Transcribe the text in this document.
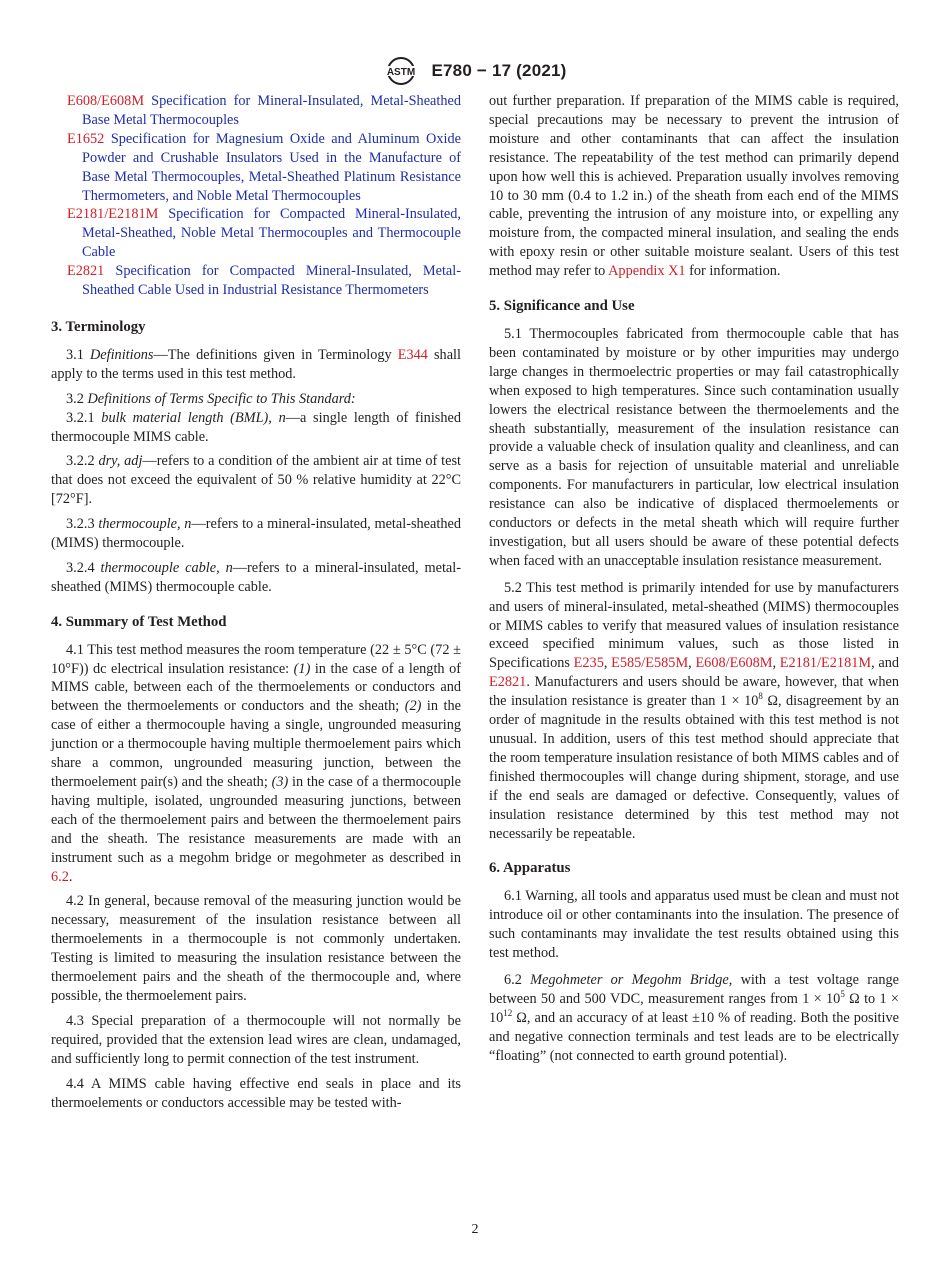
ASTM E780 − 17 (2021)
E608/E608M Specification for Mineral-Insulated, Metal-Sheathed Base Metal Thermocouples
E1652 Specification for Magnesium Oxide and Aluminum Oxide Powder and Crushable Insulators Used in the Manufacture of Base Metal Thermocouples, Metal-Sheathed Platinum Resistance Thermometers, and Noble Metal Thermocouples
E2181/E2181M Specification for Compacted Mineral-Insulated, Metal-Sheathed, Noble Metal Thermocouples and Thermocouple Cable
E2821 Specification for Compacted Mineral-Insulated, Metal-Sheathed Cable Used in Industrial Resistance Thermometers
3. Terminology
3.1 Definitions—The definitions given in Terminology E344 shall apply to the terms used in this test method.
3.2 Definitions of Terms Specific to This Standard:
3.2.1 bulk material length (BML), n—a single length of finished thermocouple MIMS cable.
3.2.2 dry, adj—refers to a condition of the ambient air at time of test that does not exceed the equivalent of 50 % relative humidity at 22°C [72°F].
3.2.3 thermocouple, n—refers to a mineral-insulated, metal-sheathed (MIMS) thermocouple.
3.2.4 thermocouple cable, n—refers to a mineral-insulated, metal-sheathed (MIMS) thermocouple cable.
4. Summary of Test Method
4.1 This test method measures the room temperature (22 ± 5°C (72 ± 10°F)) dc electrical insulation resistance: (1) in the case of a length of MIMS cable, between each of the thermoelements or conductors and between the thermoelements or conductors and the sheath; (2) in the case of either a thermocouple having a single, ungrounded measuring junction or a thermocouple having multiple thermoelement pairs which share a common, ungrounded measuring junction, between the thermoelement pair(s) and the sheath; (3) in the case of a thermocouple having multiple, isolated, ungrounded measuring junctions, between each of the thermoelement pairs and between the thermoelement pairs and the sheath. The resistance measurements are made with an instrument such as a megohm bridge or megohmeter as described in 6.2.
4.2 In general, because removal of the measuring junction would be necessary, measurement of the insulation resistance between all thermoelements in a thermocouple is not commonly undertaken. Testing is limited to measuring the insulation resistance between the thermoelement pairs and the sheath of the thermocouple and, where possible, the thermoelement pairs.
4.3 Special preparation of a thermocouple will not normally be required, provided that the extension lead wires are clean, undamaged, and sufficiently long to permit connection of the test instrument.
4.4 A MIMS cable having effective end seals in place and its thermoelements or conductors accessible may be tested with-
out further preparation. If preparation of the MIMS cable is required, special precautions may be necessary to prevent the intrusion of moisture and other contaminants that can affect the insulation resistance. The repeatability of the test method can primarily depend upon how well this is achieved. Preparation usually involves removing 10 to 30 mm (0.4 to 1.2 in.) of the sheath from each end of the MIMS cable, preventing the intrusion of any moisture into, or expelling any moisture from, the compacted mineral insulation, and sealing the ends with epoxy resin or other suitable moisture sealant. Users of this test method may refer to Appendix X1 for information.
5. Significance and Use
5.1 Thermocouples fabricated from thermocouple cable that has been contaminated by moisture or by other impurities may undergo large changes in thermoelectric properties or may fail catastrophically when exposed to high temperatures. Since such contamination usually lowers the electrical resistance between the thermoelements and the sheath substantially, measurement of the insulation resistance can provide a valuable check of insulation quality and cleanliness, and can serve as a basis for rejection of unsuitable material and unreliable components. For manufacturers in particular, low electrical insulation resistance can also be indicative of displaced thermoelements or conductors or defects in the metal sheath which will require further investigation, but all users should be aware of these potential defects when faced with an unacceptable insulation resistance measurement.
5.2 This test method is primarily intended for use by manufacturers and users of mineral-insulated, metal-sheathed (MIMS) thermocouples or MIMS cables to verify that measured values of insulation resistance exceed specified minimum values, such as those listed in Specifications E235, E585/E585M, E608/E608M, E2181/E2181M, and E2821. Manufacturers and users should be aware, however, that when the insulation resistance is greater than $1 \times 10^8$ Ω, disagreement by an order of magnitude in the results obtained with this test method is not unusual. In addition, users of this test method should appreciate that the room temperature insulation resistance of both MIMS cables and of finished thermocouples will change during shipment, storage, and use if the end seals are damaged or defective. Consequently, values of insulation resistance determined by this test method may not necessarily be repeatable.
6. Apparatus
6.1 Warning, all tools and apparatus used must be clean and must not introduce oil or other contaminants into the insulation. The presence of such contaminants may invalidate the test results obtained using this test method.
6.2 Megohmeter or Megohm Bridge, with a test voltage range between 50 and 500 VDC, measurement ranges from $1 \times 10^5$ Ω to $1 \times 10^{12}$ Ω, and an accuracy of at least ±10 % of reading. Both the positive and negative connection terminals and test leads are to be electrically “floating” (not connected to earth ground potential).
2
